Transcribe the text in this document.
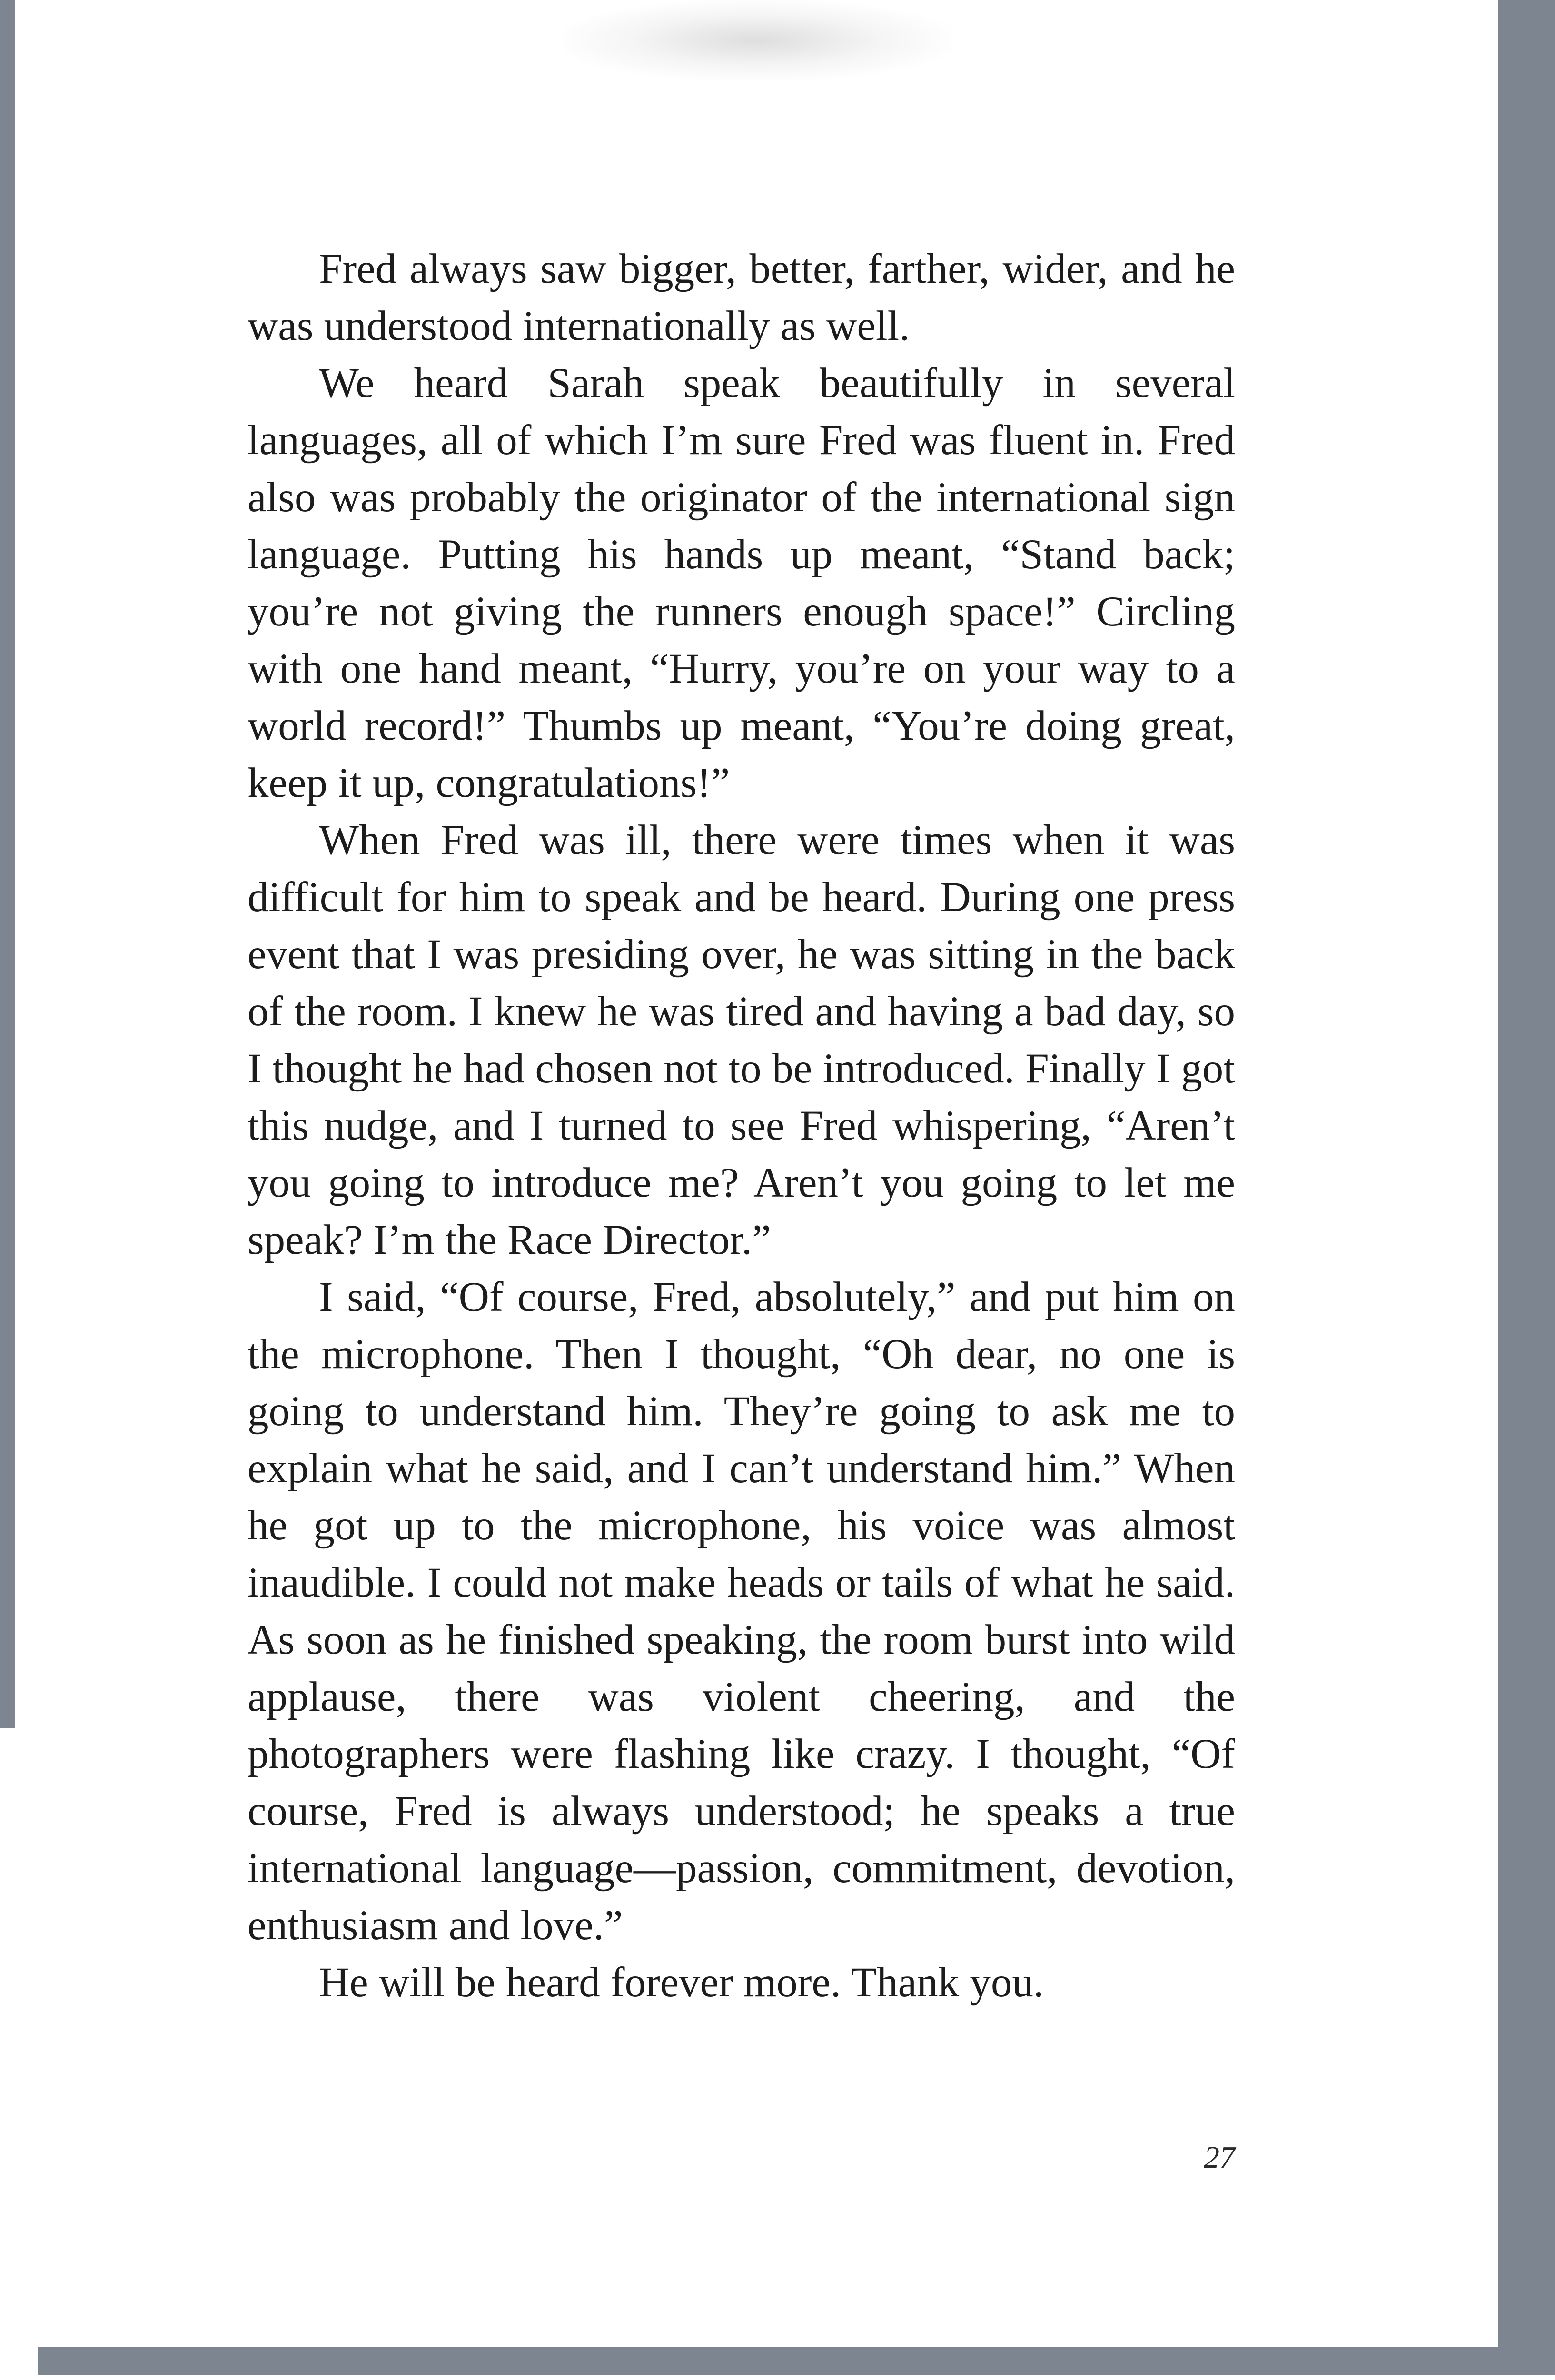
Fred always saw bigger, better, farther, wider, and he was understood internationally as well.

We heard Sarah speak beautifully in several languages, all of which I’m sure Fred was fluent in. Fred also was probably the originator of the international sign language. Putting his hands up meant, “Stand back; you’re not giving the runners enough space!” Circling with one hand meant, “Hurry, you’re on your way to a world record!” Thumbs up meant, “You’re doing great, keep it up, congratulations!”

When Fred was ill, there were times when it was difficult for him to speak and be heard. During one press event that I was presiding over, he was sitting in the back of the room. I knew he was tired and having a bad day, so I thought he had chosen not to be introduced. Finally I got this nudge, and I turned to see Fred whispering, “Aren’t you going to introduce me? Aren’t you going to let me speak? I’m the Race Director.”

I said, “Of course, Fred, absolutely,” and put him on the microphone. Then I thought, “Oh dear, no one is going to understand him. They’re going to ask me to explain what he said, and I can’t understand him.” When he got up to the microphone, his voice was almost inaudible. I could not make heads or tails of what he said. As soon as he finished speaking, the room burst into wild applause, there was violent cheering, and the photographers were flashing like crazy. I thought, “Of course, Fred is always understood; he speaks a true international language—passion, commitment, devotion, enthusiasm and love.”

He will be heard forever more. Thank you.

27
